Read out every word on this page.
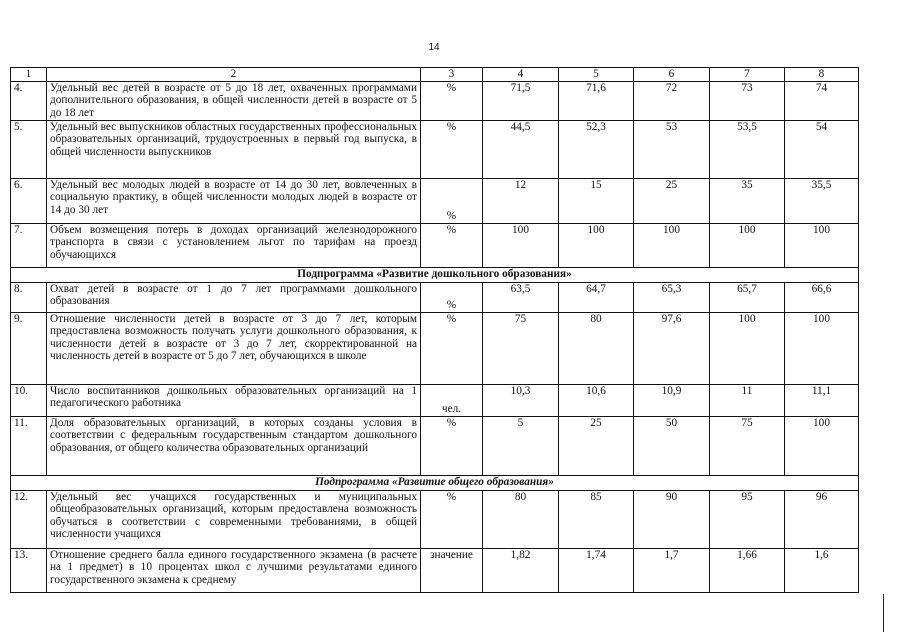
14
1	2	3	4	5	6	7	8
4.	Удельный вес детей в возрасте от 5 до 18 лет, охваченных программами дополнительного образования, в общей численности детей в возрасте от 5 до 18 лет	%	71,5	71,6	72	73	74
5.	Удельный вес выпускников областных государственных профессиональных образовательных организаций, трудоустроенных в первый год выпуска, в общей численности выпускников	%	44,5	52,3	53	53,5	54
6.	Удельный вес молодых людей в возрасте от 14 до 30 лет, вовлеченных в социальную практику, в общей численности молодых людей в возрасте от 14 до 30 лет	%	12	15	25	35	35,5
7.	Объем возмещения потерь в доходах организаций железнодорожного транспорта в связи с установлением льгот по тарифам на проезд обучающихся	%	100	100	100	100	100
Подпрограмма «Развитие дошкольного образования»							
8.	Охват детей в возрасте от 1 до 7 лет программами дошкольного образования	%	63,5	64,7	65,3	65,7	66,6
9.	Отношение численности детей в возрасте от 3 до 7 лет, которым предоставлена возможность получать услуги дошкольного образования, к численности детей в возрасте от 3 до 7 лет, скорректированной на численность детей в возрасте от 5 до 7 лет, обучающихся в школе	%	75	80	97,6	100	100
10.	Число воспитанников дошкольных образовательных организаций на 1 педагогического работника	чел.	10,3	10,6	10,9	11	11,1
11.	Доля образовательных организаций, в которых созданы условия в соответствии с федеральным государственным стандартом дошкольного образования, от общего количества образовательных организаций	%	5	25	50	75	100
Подпрограмма «Развитие общего образования»							
12.	Удельный вес учащихся государственных и муниципальных общеобразовательных организаций, которым предоставлена возможность обучаться в соответствии с современными требованиями, в общей численности учащихся	%	80	85	90	95	96
13.	Отношение среднего балла единого государственного экзамена (в расчете на 1 предмет) в 10 процентах школ с лучшими результатами единого государственного экзамена к среднему	значение	1,82	1,74	1,7	1,66	1,6
